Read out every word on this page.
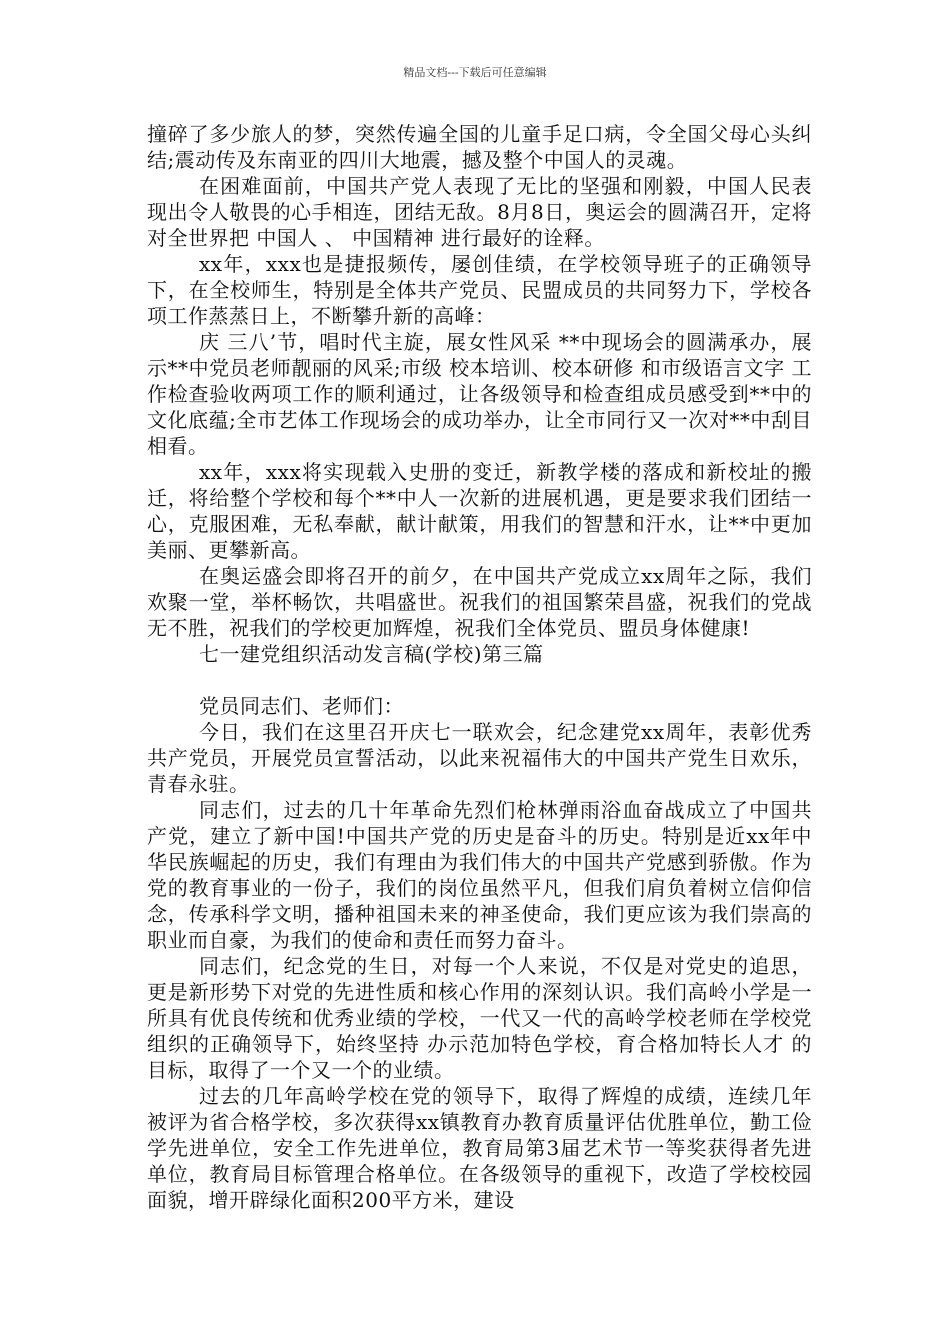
精品文档---下载后可任意编辑

撞碎了多少旅人的梦，突然传遍全国的儿童手足口病，令全国父母心头纠结;震动传及东南亚的四川大地震，撼及整个中国人的灵魂。

在困难面前，中国共产党人表现了无比的坚强和刚毅，中国人民表现出令人敬畏的心手相连，团结无敌。8月8日，奥运会的圆满召开，定将对全世界把 中国人 、 中国精神 进行最好的诠释。

xx年，xxx也是捷报频传，屡创佳绩，在学校领导班子的正确领导下，在全校师生，特别是全体共产党员、民盟成员的共同努力下，学校各项工作蒸蒸日上，不断攀升新的高峰：

庆 三八’节，唱时代主旋，展女性风采 **中现场会的圆满承办，展示**中党员老师靓丽的风采;市级 校本培训、校本研修 和市级语言文字 工作检查验收两项工作的顺利通过，让各级领导和检查组成员感受到**中的文化底蕴;全市艺体工作现场会的成功举办，让全市同行又一次对**中刮目相看。

xx年，xxx将实现载入史册的变迁，新教学楼的落成和新校址的搬迁，将给整个学校和每个**中人一次新的进展机遇，更是要求我们团结一心，克服困难，无私奉献，献计献策，用我们的智慧和汗水，让**中更加美丽、更攀新高。

在奥运盛会即将召开的前夕，在中国共产党成立xx周年之际，我们欢聚一堂，举杯畅饮，共唱盛世。祝我们的祖国繁荣昌盛，祝我们的党战无不胜，祝我们的学校更加辉煌，祝我们全体党员、盟员身体健康!

七一建党组织活动发言稿(学校)第三篇

党员同志们、老师们：

今日，我们在这里召开庆七一联欢会，纪念建党xx周年，表彰优秀共产党员，开展党员宣誓活动，以此来祝福伟大的中国共产党生日欢乐，青春永驻。

同志们，过去的几十年革命先烈们枪林弹雨浴血奋战成立了中国共产党，建立了新中国!中国共产党的历史是奋斗的历史。特别是近xx年中华民族崛起的历史，我们有理由为我们伟大的中国共产党感到骄傲。作为党的教育事业的一份子，我们的岗位虽然平凡，但我们肩负着树立信仰信念，传承科学文明，播种祖国未来的神圣使命，我们更应该为我们崇高的职业而自豪，为我们的使命和责任而努力奋斗。

同志们，纪念党的生日，对每一个人来说，不仅是对党史的追思，更是新形势下对党的先进性质和核心作用的深刻认识。我们高岭小学是一所具有优良传统和优秀业绩的学校，一代又一代的高岭学校老师在学校党组织的正确领导下，始终坚持 办示范加特色学校，育合格加特长人才 的目标，取得了一个又一个的业绩。

过去的几年高岭学校在党的领导下，取得了辉煌的成绩，连续几年被评为省合格学校，多次获得xx镇教育办教育质量评估优胜单位，勤工俭学先进单位，安全工作先进单位，教育局第3届艺术节一等奖获得者先进单位，教育局目标管理合格单位。在各级领导的重视下，改造了学校校园面貌，增开辟绿化面积200平方米，建设
